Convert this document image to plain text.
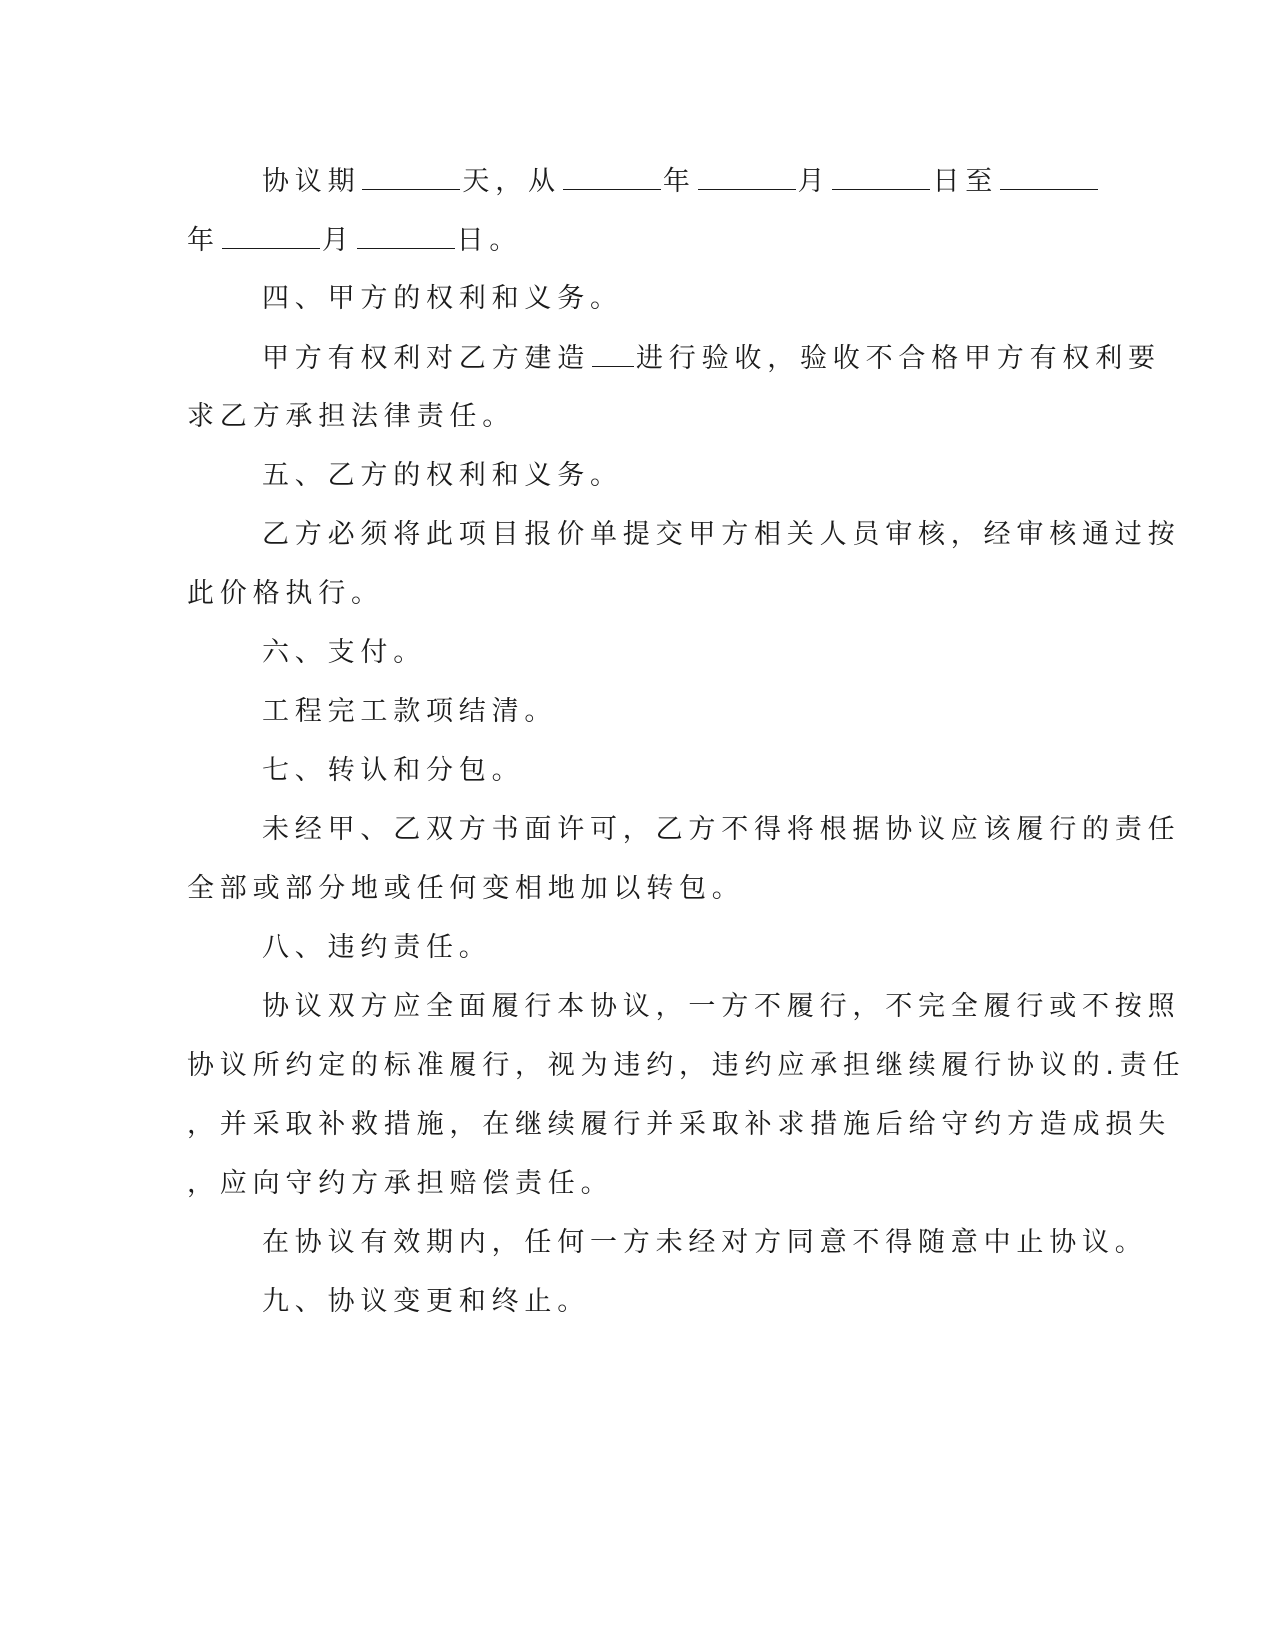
协议期	天，从	年	月	日至
年	月	日。
四、甲方的权利和义务。
甲方有权利对乙方建造 进行验收，验收不合格甲方有权利要
求乙方承担法律责任。
五、乙方的权利和义务。
乙方必须将此项目报价单提交甲方相关人员审核，经审核通过按
此价格执行。
六、支付。
工程完工款项结清。
七、转认和分包。
未经甲、乙双方书面许可，乙方不得将根据协议应该履行的责任
全部或部分地或任何变相地加以转包。
八、违约责任。
协议双方应全面履行本协议，一方不履行，不完全履行或不按照
协议所约定的标准履行，视为违约，违约应承担继续履行协议的.责任
，并采取补救措施，在继续履行并采取补求措施后给守约方造成损失
，应向守约方承担赔偿责任。
在协议有效期内，任何一方未经对方同意不得随意中止协议。
九、协议变更和终止。
